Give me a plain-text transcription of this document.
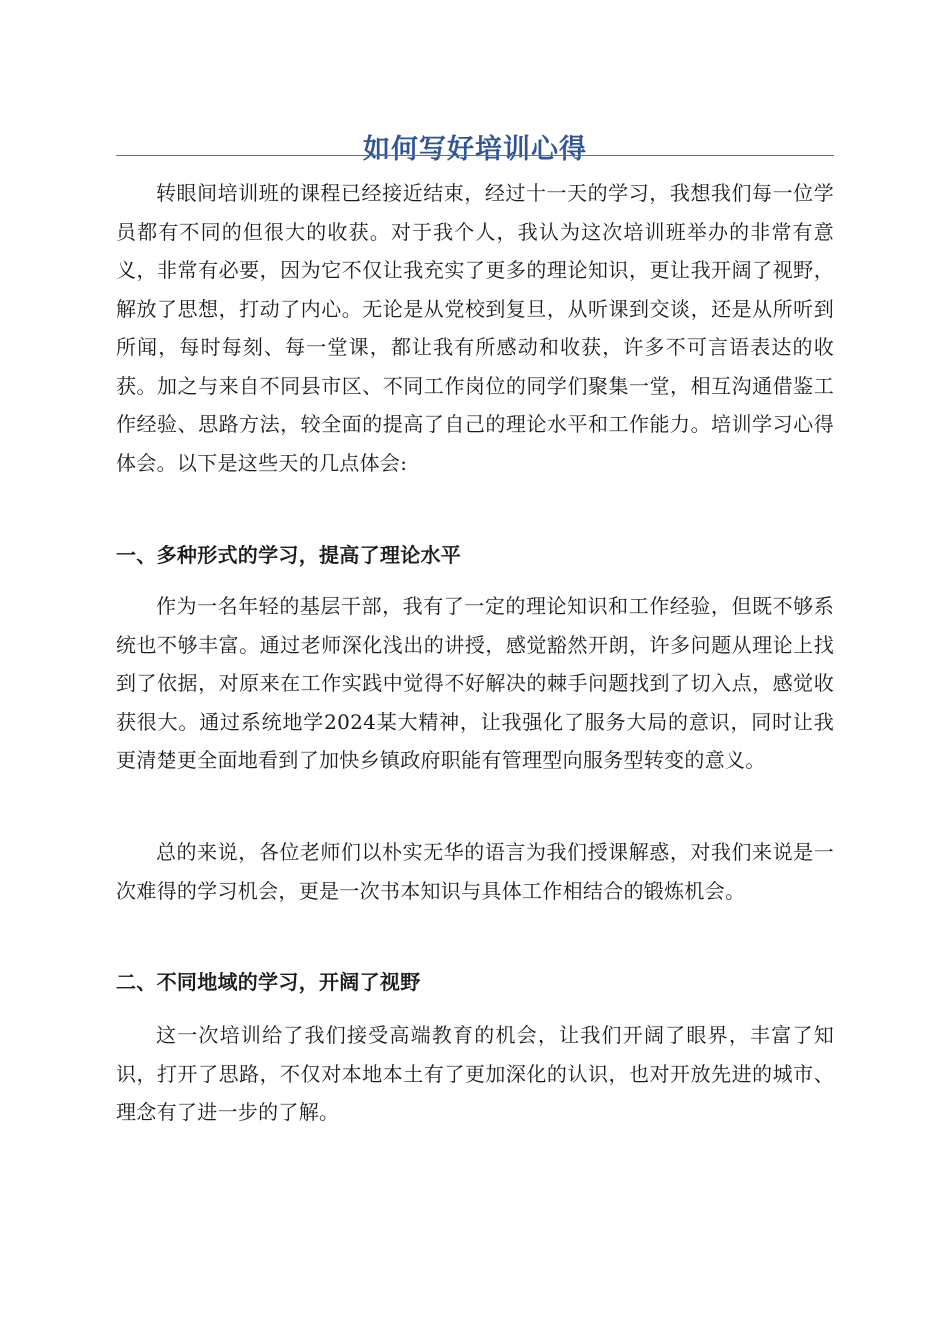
如何写好培训心得

转眼间培训班的课程已经接近结束，经过十一天的学习，我想我们每一位学员都有不同的但很大的收获。对于我个人，我认为这次培训班举办的非常有意义，非常有必要，因为它不仅让我充实了更多的理论知识，更让我开阔了视野，解放了思想，打动了内心。无论是从党校到复旦，从听课到交谈，还是从所听到所闻，每时每刻、每一堂课，都让我有所感动和收获，许多不可言语表达的收获。加之与来自不同县市区、不同工作岗位的同学们聚集一堂，相互沟通借鉴工作经验、思路方法，较全面的提高了自己的理论水平和工作能力。培训学习心得体会。以下是这些天的几点体会:

一、多种形式的学习，提高了理论水平

作为一名年轻的基层干部，我有了一定的理论知识和工作经验，但既不够系统也不够丰富。通过老师深化浅出的讲授，感觉豁然开朗，许多问题从理论上找到了依据，对原来在工作实践中觉得不好解决的棘手问题找到了切入点，感觉收获很大。通过系统地学2024某大精神，让我强化了服务大局的意识，同时让我更清楚更全面地看到了加快乡镇政府职能有管理型向服务型转变的意义。

总的来说，各位老师们以朴实无华的语言为我们授课解惑，对我们来说是一次难得的学习机会，更是一次书本知识与具体工作相结合的锻炼机会。

二、不同地域的学习，开阔了视野

这一次培训给了我们接受高端教育的机会，让我们开阔了眼界，丰富了知识，打开了思路，不仅对本地本土有了更加深化的认识，也对开放先进的城市、理念有了进一步的了解。
